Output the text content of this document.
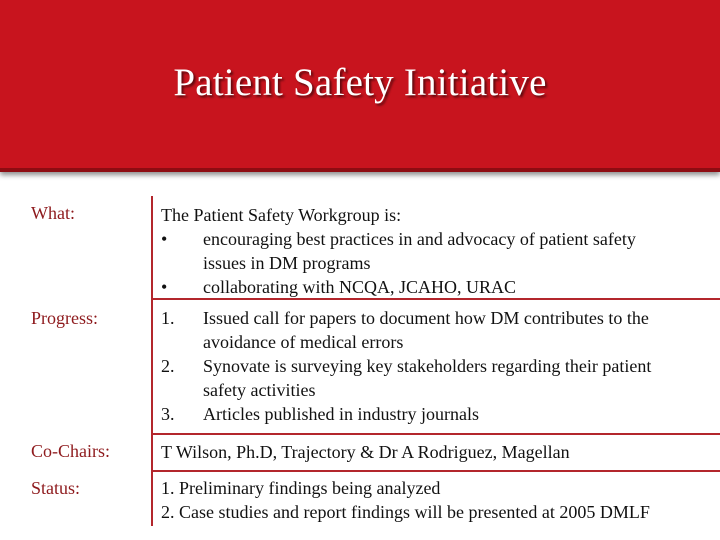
Patient Safety Initiative
What:	The Patient Safety Workgroup is:
•	encouraging best practices in and advocacy of patient safety
issues in DM programs
•	collaborating with NCQA, JCAHO, URAC
Progress:	1.	Issued call for papers to document how DM contributes to the
avoidance of medical errors
2.	Synovate is surveying key stakeholders regarding their patient
safety activities
3.	Articles published in industry journals
Co-Chairs:	T Wilson, Ph.D, Trajectory & Dr A Rodriguez, Magellan
Status:	1. Preliminary findings being analyzed
2. Case studies and report findings will be presented at 2005 DMLF
